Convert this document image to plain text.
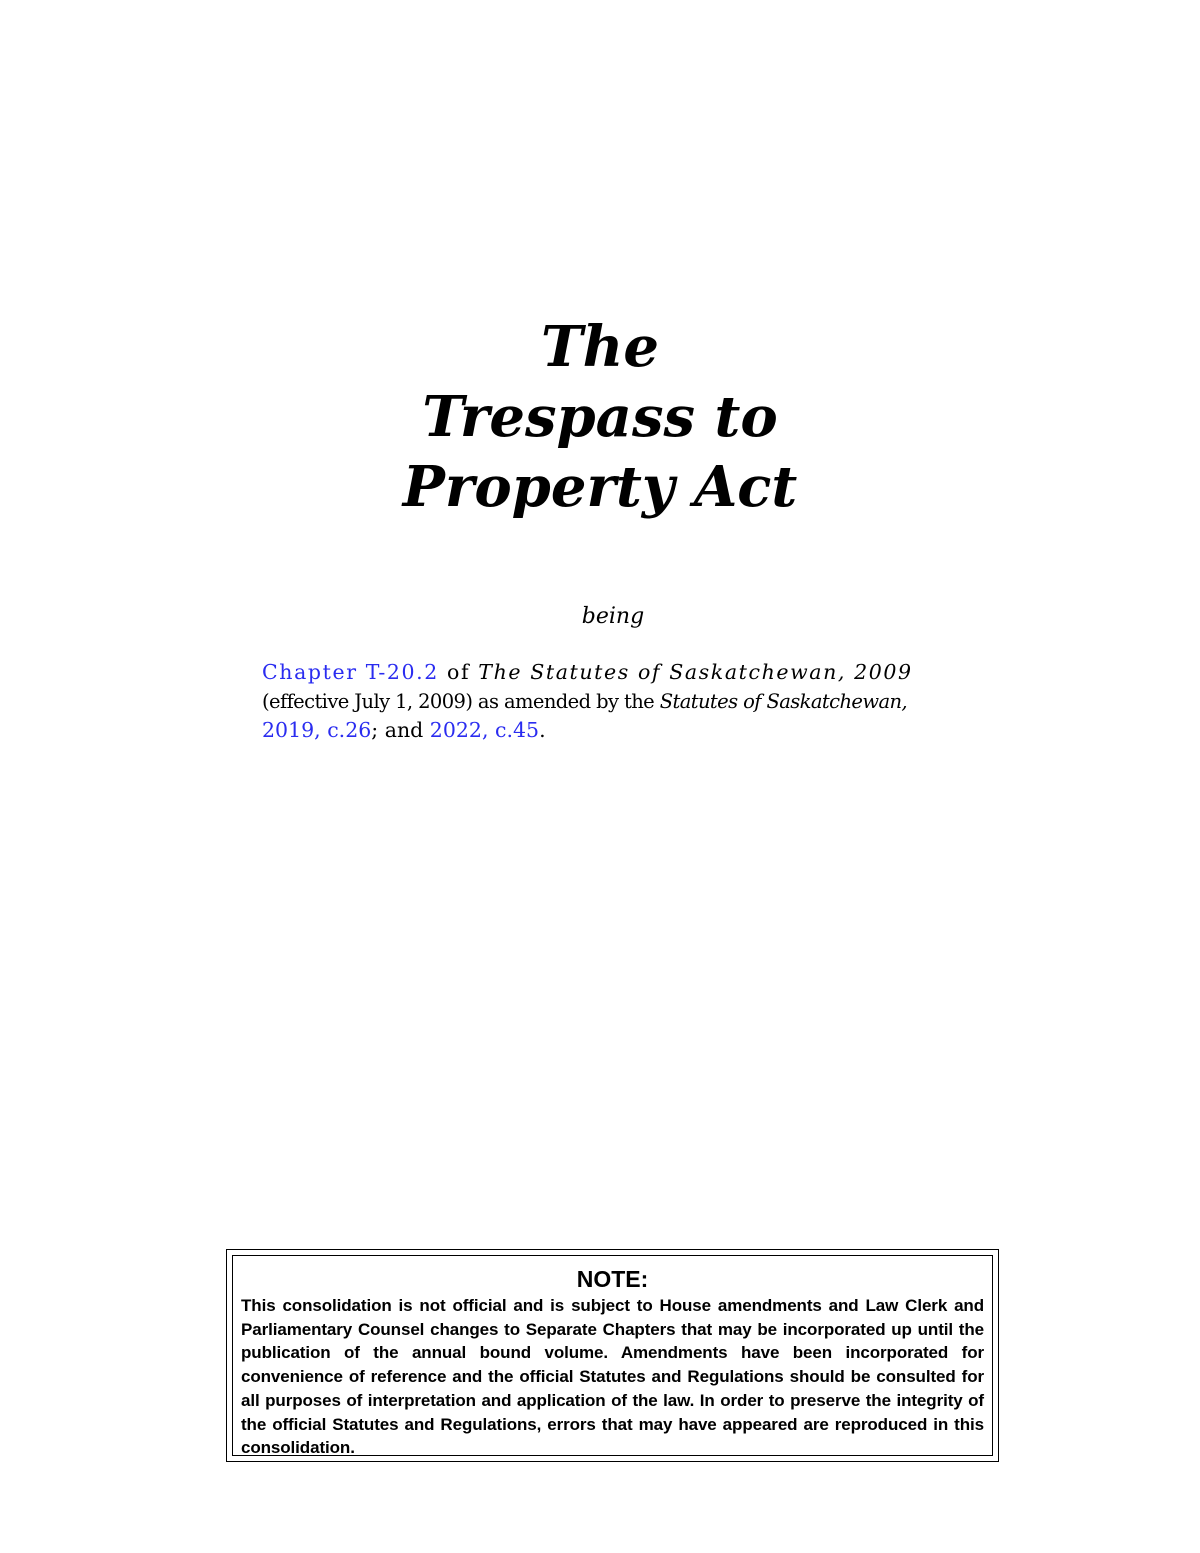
The
Trespass to
Property Act
being
Chapter T-20.2 of The Statutes of Saskatchewan, 2009
(effective July 1, 2009) as amended by the Statutes of Saskatchewan,
2019, c.26; and 2022, c.45.
NOTE:
This consolidation is not official and is subject to House amendments and Law Clerk and Parliamentary Counsel changes to Separate Chapters that may be incorporated up until the publication of the annual bound volume. Amendments have been incorporated for convenience of reference and the official Statutes and Regulations should be consulted for all purposes of interpretation and application of the law. In order to preserve the integrity of the official Statutes and Regulations, errors that may have appeared are reproduced in this consolidation.
